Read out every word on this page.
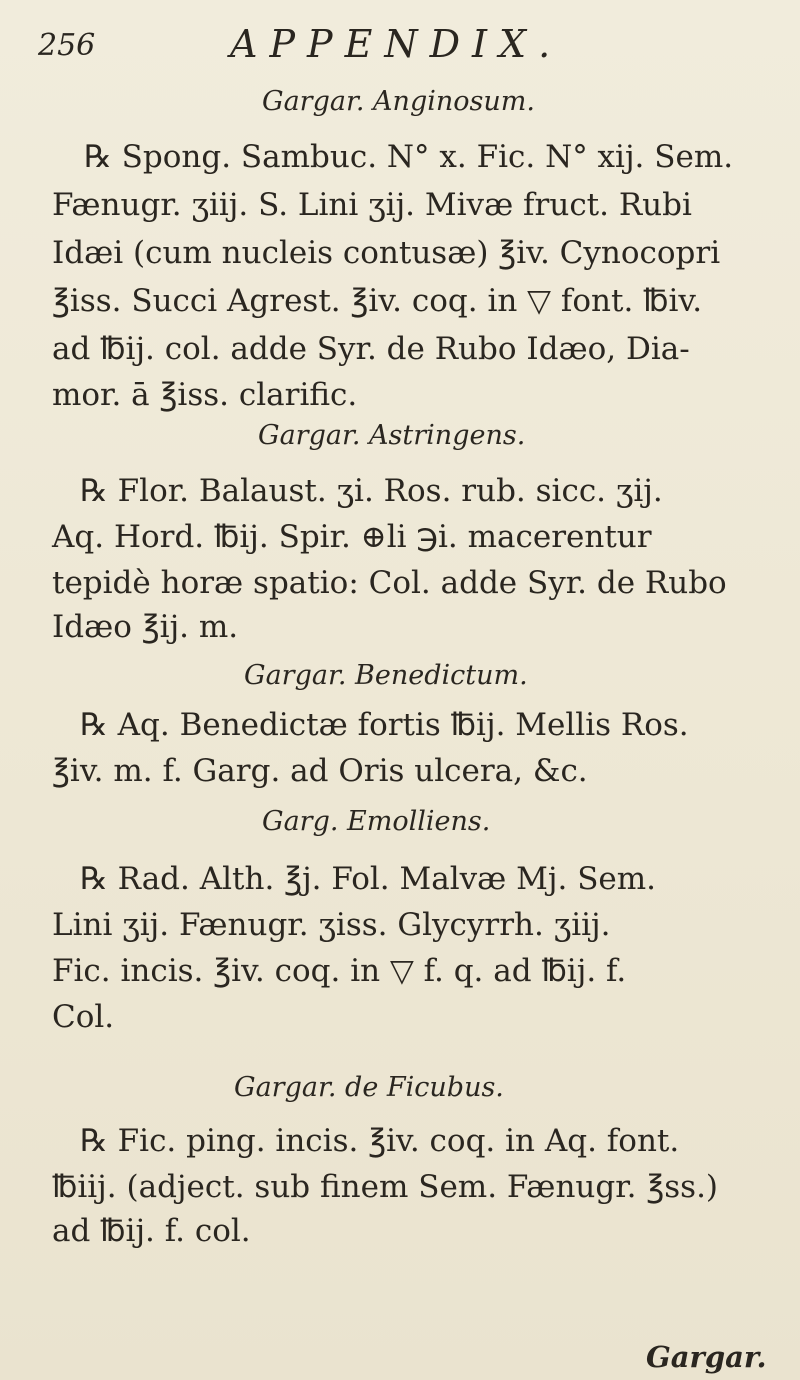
256	APPENDIX.
Gargar. Anginosum.
℞ Spong. Sambuc. N° x. Fic. N° xij. Sem.
Fænugr. ʒiij. S. Lini ʒij. Mivæ fruct. Rubi
Idæi (cum nucleis contusæ) ℥iv. Cynocopri
℥iss. Succi Agrest. ℥iv. coq. in ▽ font. ℔iv.
ad ℔ij. col. adde Syr. de Rubo Idæo, Dia-
mor. ā ℥iss. clarific.
Gargar. Astringens.
℞ Flor. Balaust. ʒi. Ros. rub. sicc. ʒij.
Aq. Hord. ℔ij. Spir. ⊕li ℈i. macerentur
tepidè horæ spatio: Col. adde Syr. de Rubo
Idæo ℥ij. m.
Gargar. Benedictum.
℞ Aq. Benedictæ fortis ℔ij. Mellis Ros.
℥iv. m. f. Garg. ad Oris ulcera, &c.
Garg. Emolliens.
℞ Rad. Alth. ℥j. Fol. Malvæ Mj. Sem.
Lini ʒij. Fænugr. ʒiss. Glycyrrh. ʒiij.
Fic. incis. ℥iv. coq. in ▽ f. q. ad ℔ij. f.
Col.
Gargar. de Ficubus.
℞ Fic. ping. incis. ℥iv. coq. in Aq. font.
℔iij. (adject. sub finem Sem. Fænugr. ℥ss.)
ad ℔ij. f. col.
Gargar.
